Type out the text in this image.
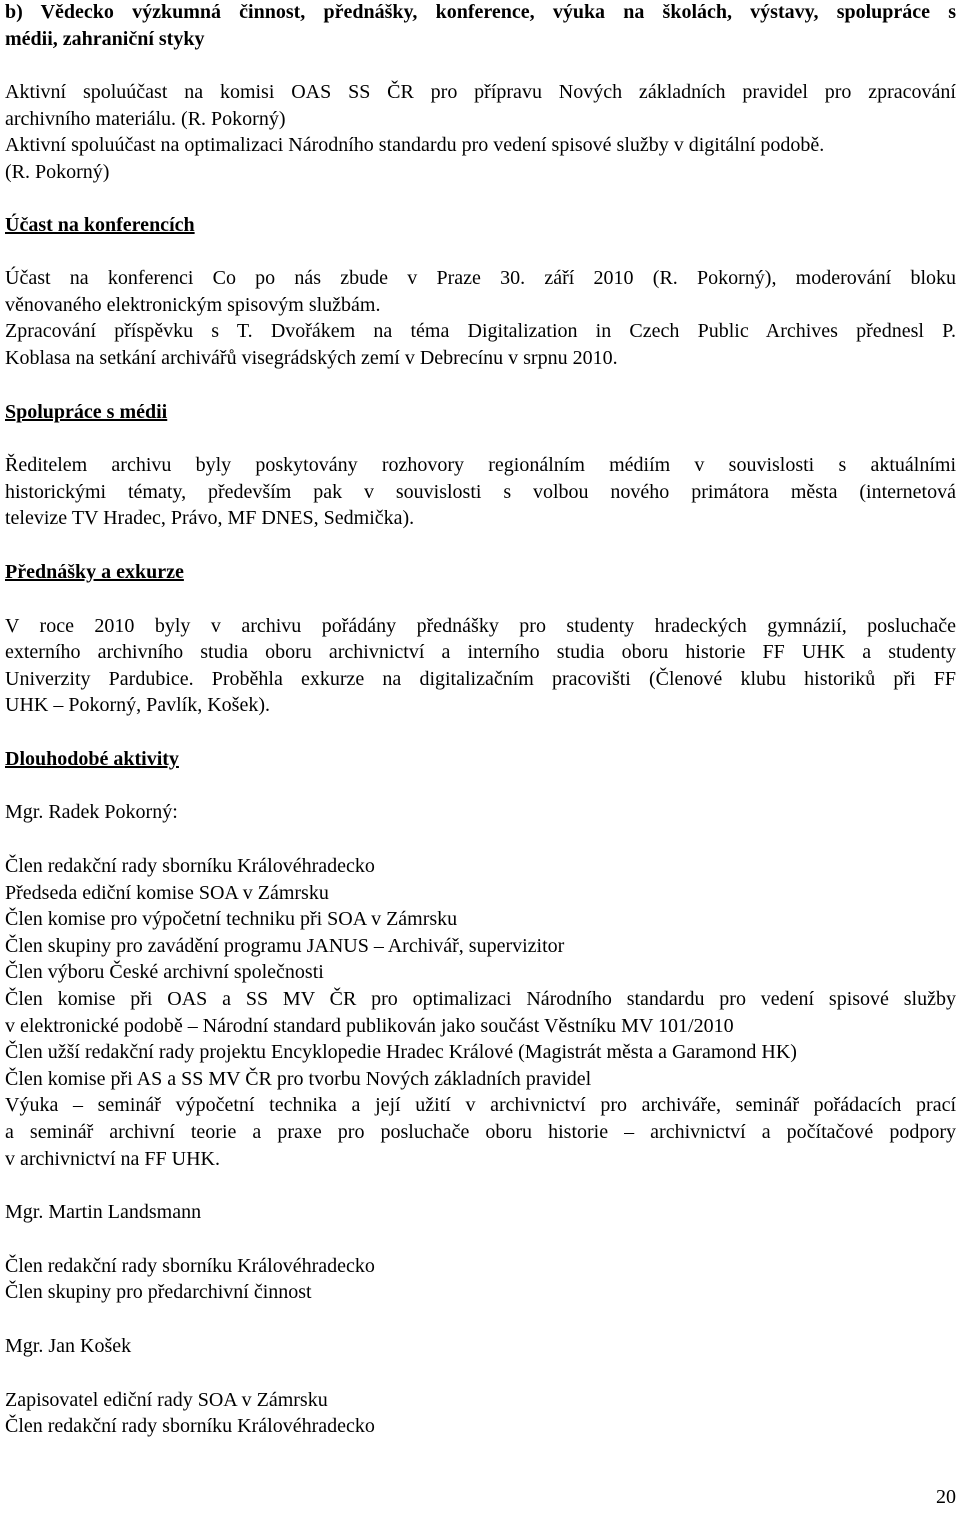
b) Vědecko výzkumná činnost, přednášky, konference, výuka na školách, výstavy, spolupráce s
médii, zahraniční styky
Aktivní spoluúčast na komisi OAS SS ČR pro přípravu Nových základních pravidel pro zpracování
archivního materiálu. (R. Pokorný)
Aktivní spoluúčast na optimalizaci Národního standardu pro vedení spisové služby v digitální podobě.
(R. Pokorný)
Účast na konferencích
Účast na konferenci Co po nás zbude v Praze 30. září 2010 (R. Pokorný), moderování bloku
věnovaného elektronickým spisovým službám.
Zpracování příspěvku s T. Dvořákem na téma Digitalization in Czech Public Archives přednesl P.
Koblasa na setkání archivářů visegrádských zemí v Debrecínu v srpnu 2010.
Spolupráce s médii
Ředitelem archivu byly poskytovány rozhovory regionálním médiím v souvislosti s aktuálními
historickými tématy, především pak v souvislosti s volbou nového primátora města (internetová
televize TV Hradec, Právo, MF DNES, Sedmička).
Přednášky a exkurze
V roce 2010 byly v archivu pořádány přednášky pro studenty hradeckých gymnázií, posluchače
externího archivního studia oboru archivnictví a interního studia oboru historie FF UHK a studenty
Univerzity Pardubice. Proběhla exkurze na digitalizačním pracovišti (Členové klubu historiků při FF
UHK – Pokorný, Pavlík, Košek).
Dlouhodobé aktivity
Mgr. Radek Pokorný:
Člen redakční rady sborníku Královéhradecko
Předseda ediční komise SOA v Zámrsku
Člen komise pro výpočetní techniku při SOA v Zámrsku
Člen skupiny pro zavádění programu JANUS – Archivář, supervizitor
Člen výboru České archivní společnosti
Člen komise při OAS a SS MV ČR pro optimalizaci Národního standardu pro vedení spisové služby
v elektronické podobě – Národní standard publikován jako součást Věstníku MV 101/2010
Člen užší redakční rady projektu Encyklopedie Hradec Králové (Magistrát města a Garamond HK)
Člen komise při AS a SS MV ČR pro tvorbu Nových základních pravidel
Výuka – seminář výpočetní technika a její užití v archivnictví pro archiváře, seminář pořádacích prací
a seminář archivní teorie a praxe pro posluchače oboru historie – archivnictví a počítačové podpory
v archivnictví na FF UHK.
Mgr. Martin Landsmann
Člen redakční rady sborníku Královéhradecko
Člen skupiny pro předarchivní činnost
Mgr. Jan Košek
Zapisovatel ediční rady SOA v Zámrsku
Člen redakční rady sborníku Královéhradecko
20
